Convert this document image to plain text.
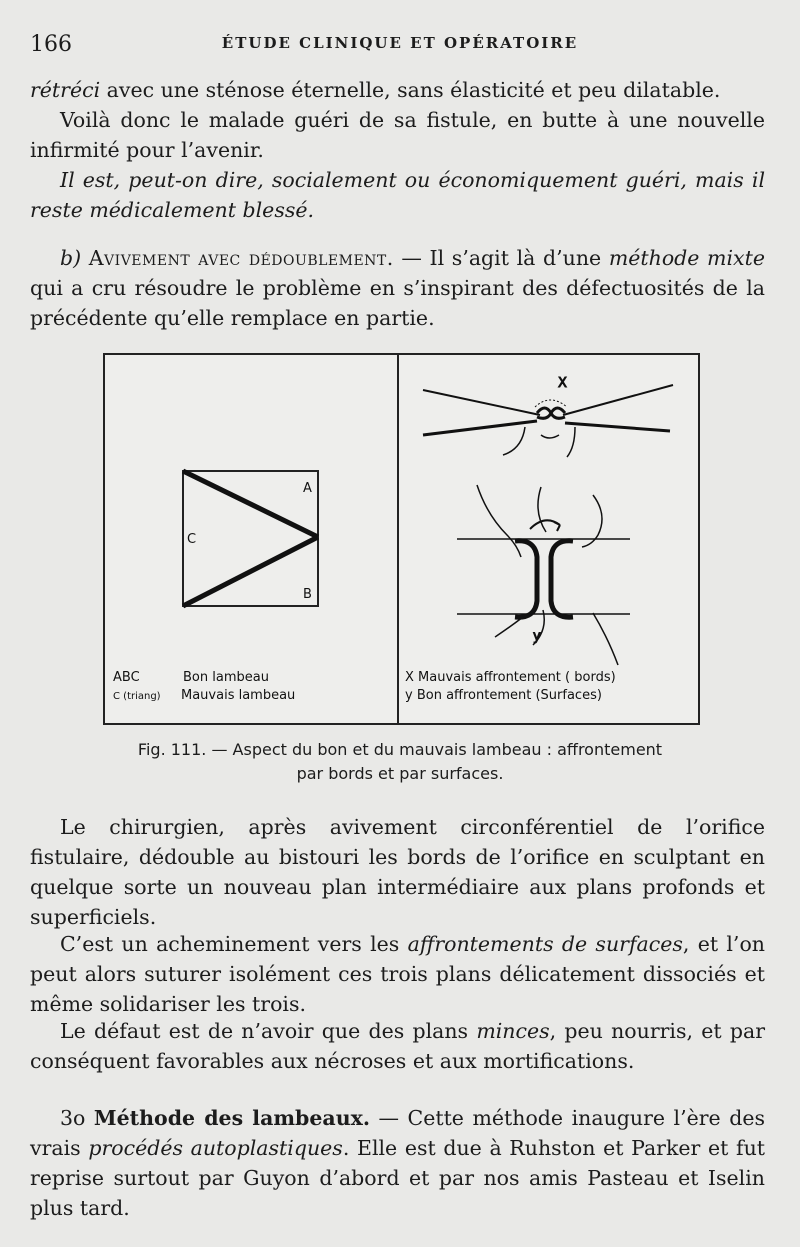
166	ÉTUDE CLINIQUE ET OPÉRATOIRE

rétréci avec une sténose éternelle, sans élasticité et peu dilatable.

Voilà donc le malade guéri de sa fistule, en butte à une nouvelle infirmité pour l’avenir.

Il est, peut-on dire, socialement ou économiquement guéri, mais il reste médicalement blessé.

b) Avivement avec dédoublement. — Il s’agit là d’une méthode mixte qui a cru résoudre le problème en s’inspirant des défectuosités de la précédente qu’elle remplace en partie.

A
C
B
ABC	Bon lambeau
C (triang) Mauvais lambeau
X
y
X Mauvais affrontement ( bords)
y Bon affrontement (Surfaces)
Fig. 111. — Aspect du bon et du mauvais lambeau : affrontement
par bords et par surfaces.

Le chirurgien, après avivement circonférentiel de l’orifice fistulaire, dédouble au bistouri les bords de l’orifice en sculptant en quelque sorte un nouveau plan intermédiaire aux plans profonds et superficiels.

C’est un acheminement vers les affrontements de surfaces, et l’on peut alors suturer isolément ces trois plans délicatement dissociés et même solidariser les trois.

Le défaut est de n’avoir que des plans minces, peu nourris, et par conséquent favorables aux nécroses et aux mortifications.

3o Méthode des lambeaux. — Cette méthode inaugure l’ère des vrais procédés autoplastiques. Elle est due à Ruhston et Parker et fut reprise surtout par Guyon d’abord et par nos amis Pasteau et Iselin plus tard.
